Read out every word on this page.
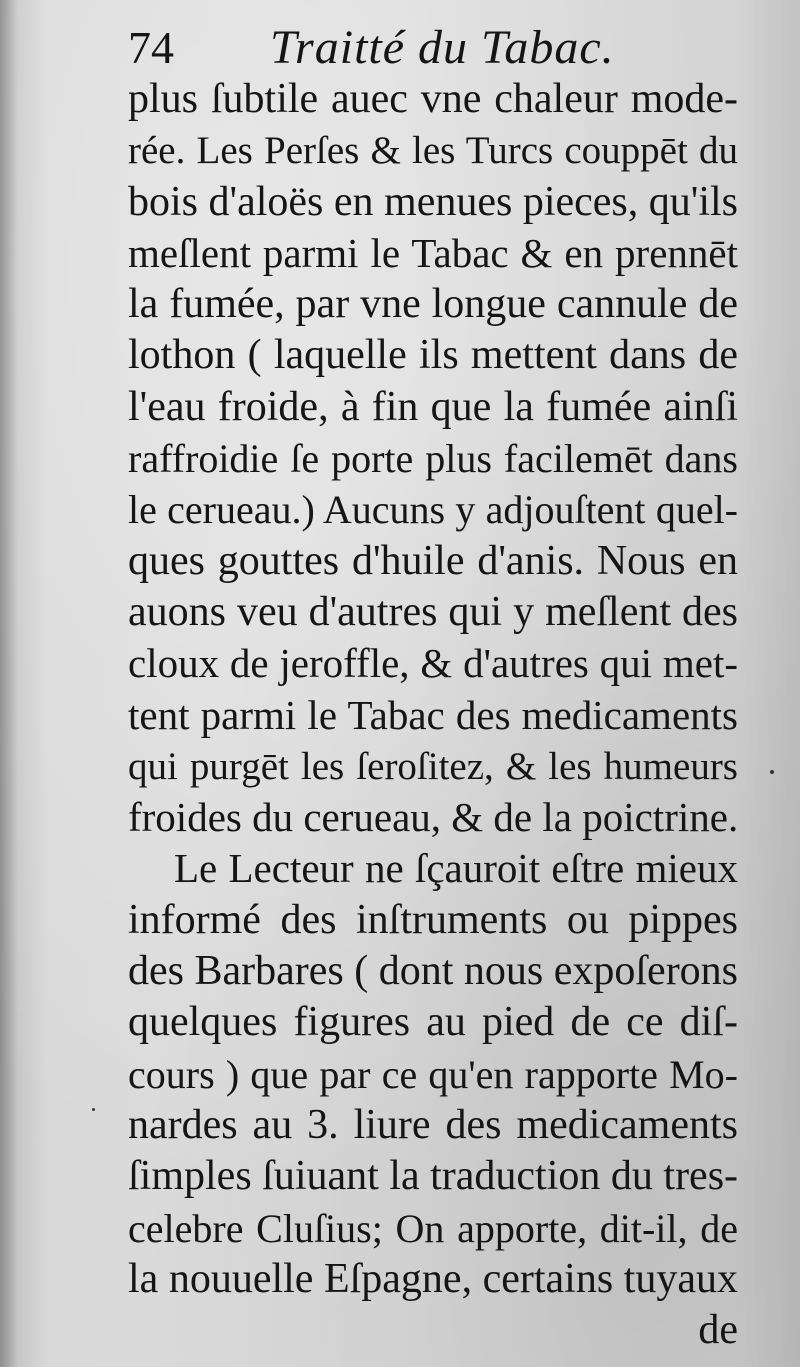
74 Traitté du Tabac.
plus ſubtile auec vne chaleur mode-
rée. Les Perſes & les Turcs couppēt du
bois d'aloës en menues pieces, qu'ils
meſlent parmi le Tabac & en prennēt
la fumée, par vne longue cannule de
lothon ( laquelle ils mettent dans de
l'eau froide, à fin que la fumée ainſi
raffroidie ſe porte plus facilemēt dans
le cerueau.) Aucuns y adjouſtent quel-
ques gouttes d'huile d'anis. Nous en
auons veu d'autres qui y meſlent des
cloux de jeroffle, & d'autres qui met-
tent parmi le Tabac des medicaments
qui purgēt les ſeroſitez, & les humeurs
froides du cerueau, & de la poictrine.
Le Lecteur ne ſçauroit eſtre mieux
informé des inſtruments ou pippes
des Barbares ( dont nous expoſerons
quelques figures au pied de ce diſ-
cours ) que par ce qu'en rapporte Mo-
nardes au 3. liure des medicaments
ſimples ſuiuant la traduction du tres-
celebre Cluſius; On apporte, dit-il, de
la nouuelle Eſpagne, certains tuyaux
de
